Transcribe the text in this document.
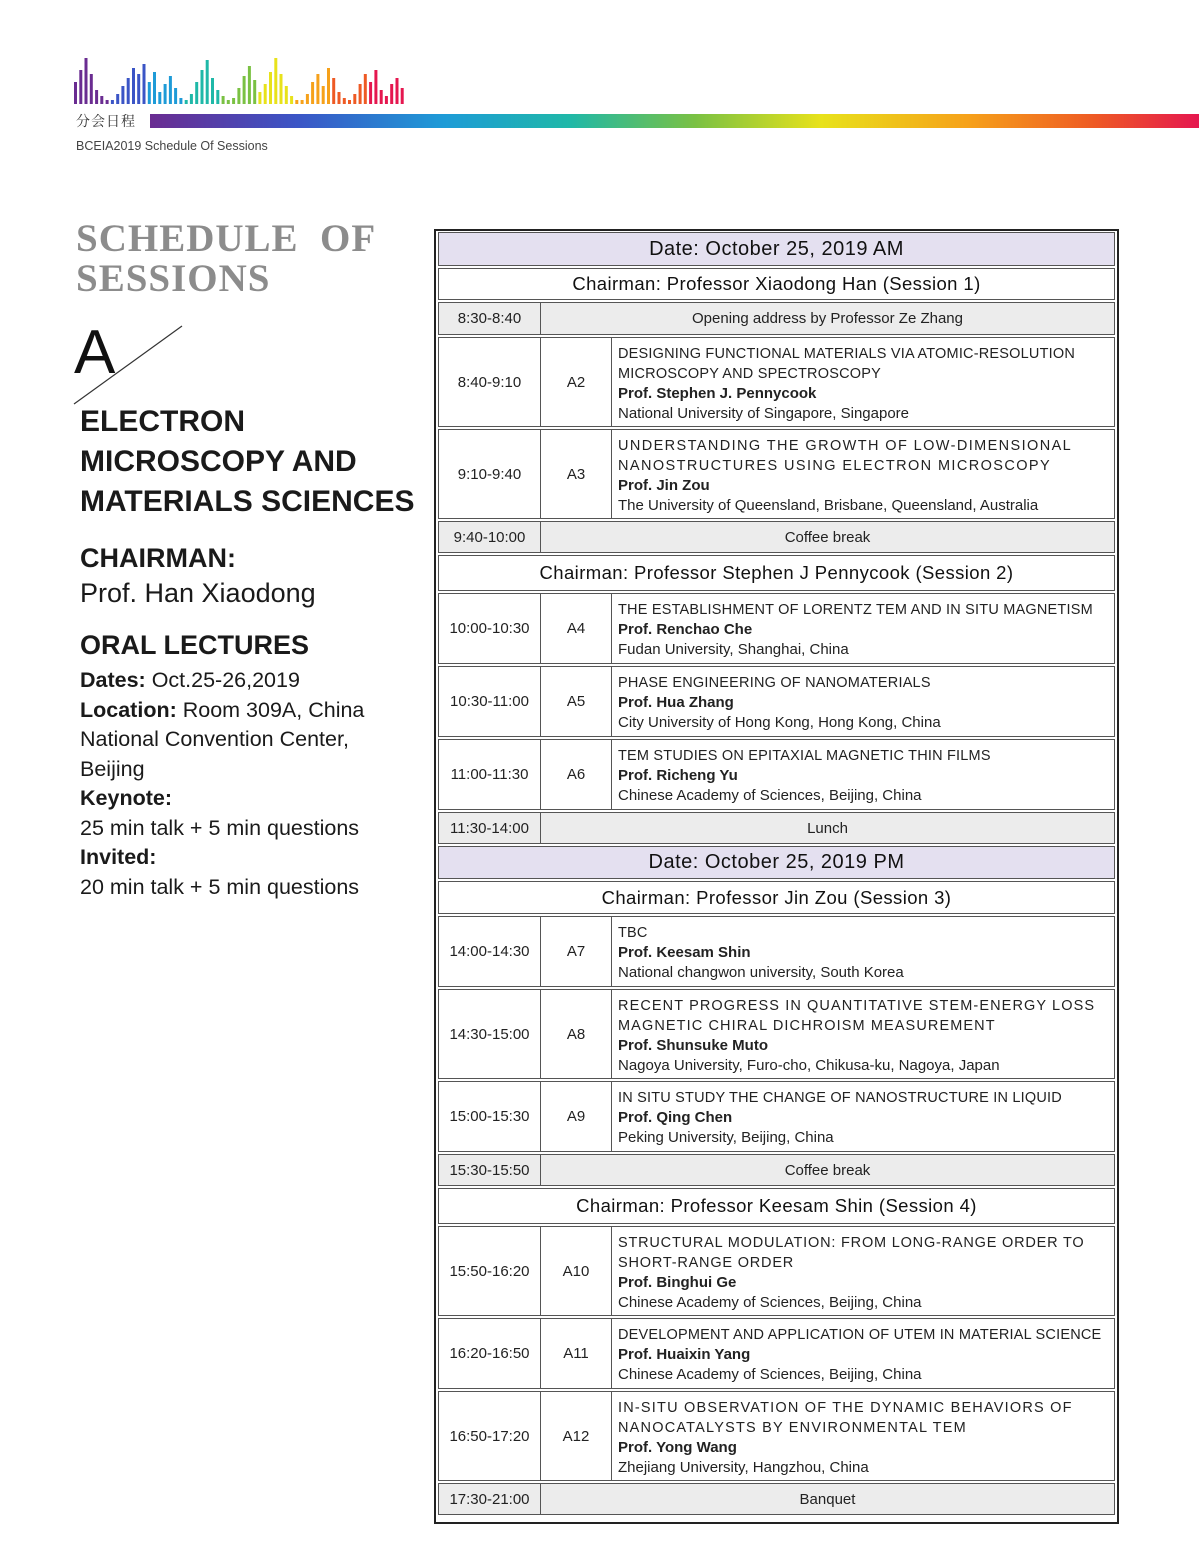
分会日程
BCEIA2019 Schedule Of Sessions
SCHEDULE  OF
SESSIONS
A
ELECTRON
MICROSCOPY AND
MATERIALS SCIENCES
CHAIRMAN:
Prof. Han Xiaodong
ORAL LECTURES
Dates: Oct.25-26,2019
Location: Room 309A, China National Convention Center, Beijing
Keynote:
25 min talk + 5 min questions
Invited:
20 min talk + 5 min questions
Date: October 25, 2019 AM
Chairman: Professor Xiaodong Han (Session 1)
8:30-8:40	Opening address by Professor Ze Zhang
8:40-9:10	A2
DESIGNING FUNCTIONAL MATERIALS VIA ATOMIC-RESOLUTION MICROSCOPY AND SPECTROSCOPY
Prof. Stephen J. Pennycook
National University of Singapore, Singapore
9:10-9:40	A3
UNDERSTANDING THE GROWTH OF LOW-DIMENSIONAL NANOSTRUCTURES USING ELECTRON MICROSCOPY
Prof. Jin Zou
The University of Queensland, Brisbane, Queensland, Australia
9:40-10:00	Coffee break
Chairman: Professor Stephen J Pennycook (Session 2)
10:00-10:30	A4
THE ESTABLISHMENT OF LORENTZ TEM AND IN SITU MAGNETISM
Prof. Renchao Che
Fudan University, Shanghai, China
10:30-11:00	A5
PHASE ENGINEERING OF NANOMATERIALS
Prof. Hua Zhang
City University of Hong Kong, Hong Kong, China
11:00-11:30	A6
TEM STUDIES ON EPITAXIAL MAGNETIC THIN FILMS
Prof. Richeng Yu
Chinese Academy of Sciences, Beijing, China
11:30-14:00	Lunch
Date: October 25, 2019 PM
Chairman: Professor Jin Zou (Session 3)
14:00-14:30	A7
TBC
Prof. Keesam Shin
National changwon university, South Korea
14:30-15:00	A8
RECENT PROGRESS IN QUANTITATIVE STEM-ENERGY LOSS MAGNETIC CHIRAL DICHROISM MEASUREMENT
Prof. Shunsuke Muto
Nagoya University, Furo-cho, Chikusa-ku, Nagoya, Japan
15:00-15:30	A9
IN SITU STUDY THE CHANGE OF NANOSTRUCTURE IN LIQUID
Prof. Qing Chen
Peking University, Beijing, China
15:30-15:50	Coffee break
Chairman: Professor Keesam Shin (Session 4)
15:50-16:20	A10
STRUCTURAL MODULATION: FROM LONG-RANGE ORDER TO SHORT-RANGE ORDER
Prof. Binghui Ge
Chinese Academy of Sciences, Beijing, China
16:20-16:50	A11
DEVELOPMENT AND APPLICATION OF UTEM IN MATERIAL SCIENCE
Prof. Huaixin Yang
Chinese Academy of Sciences, Beijing, China
16:50-17:20	A12
IN-SITU OBSERVATION OF THE DYNAMIC BEHAVIORS OF NANOCATALYSTS BY ENVIRONMENTAL TEM
Prof. Yong Wang
Zhejiang University, Hangzhou, China
17:30-21:00	Banquet
